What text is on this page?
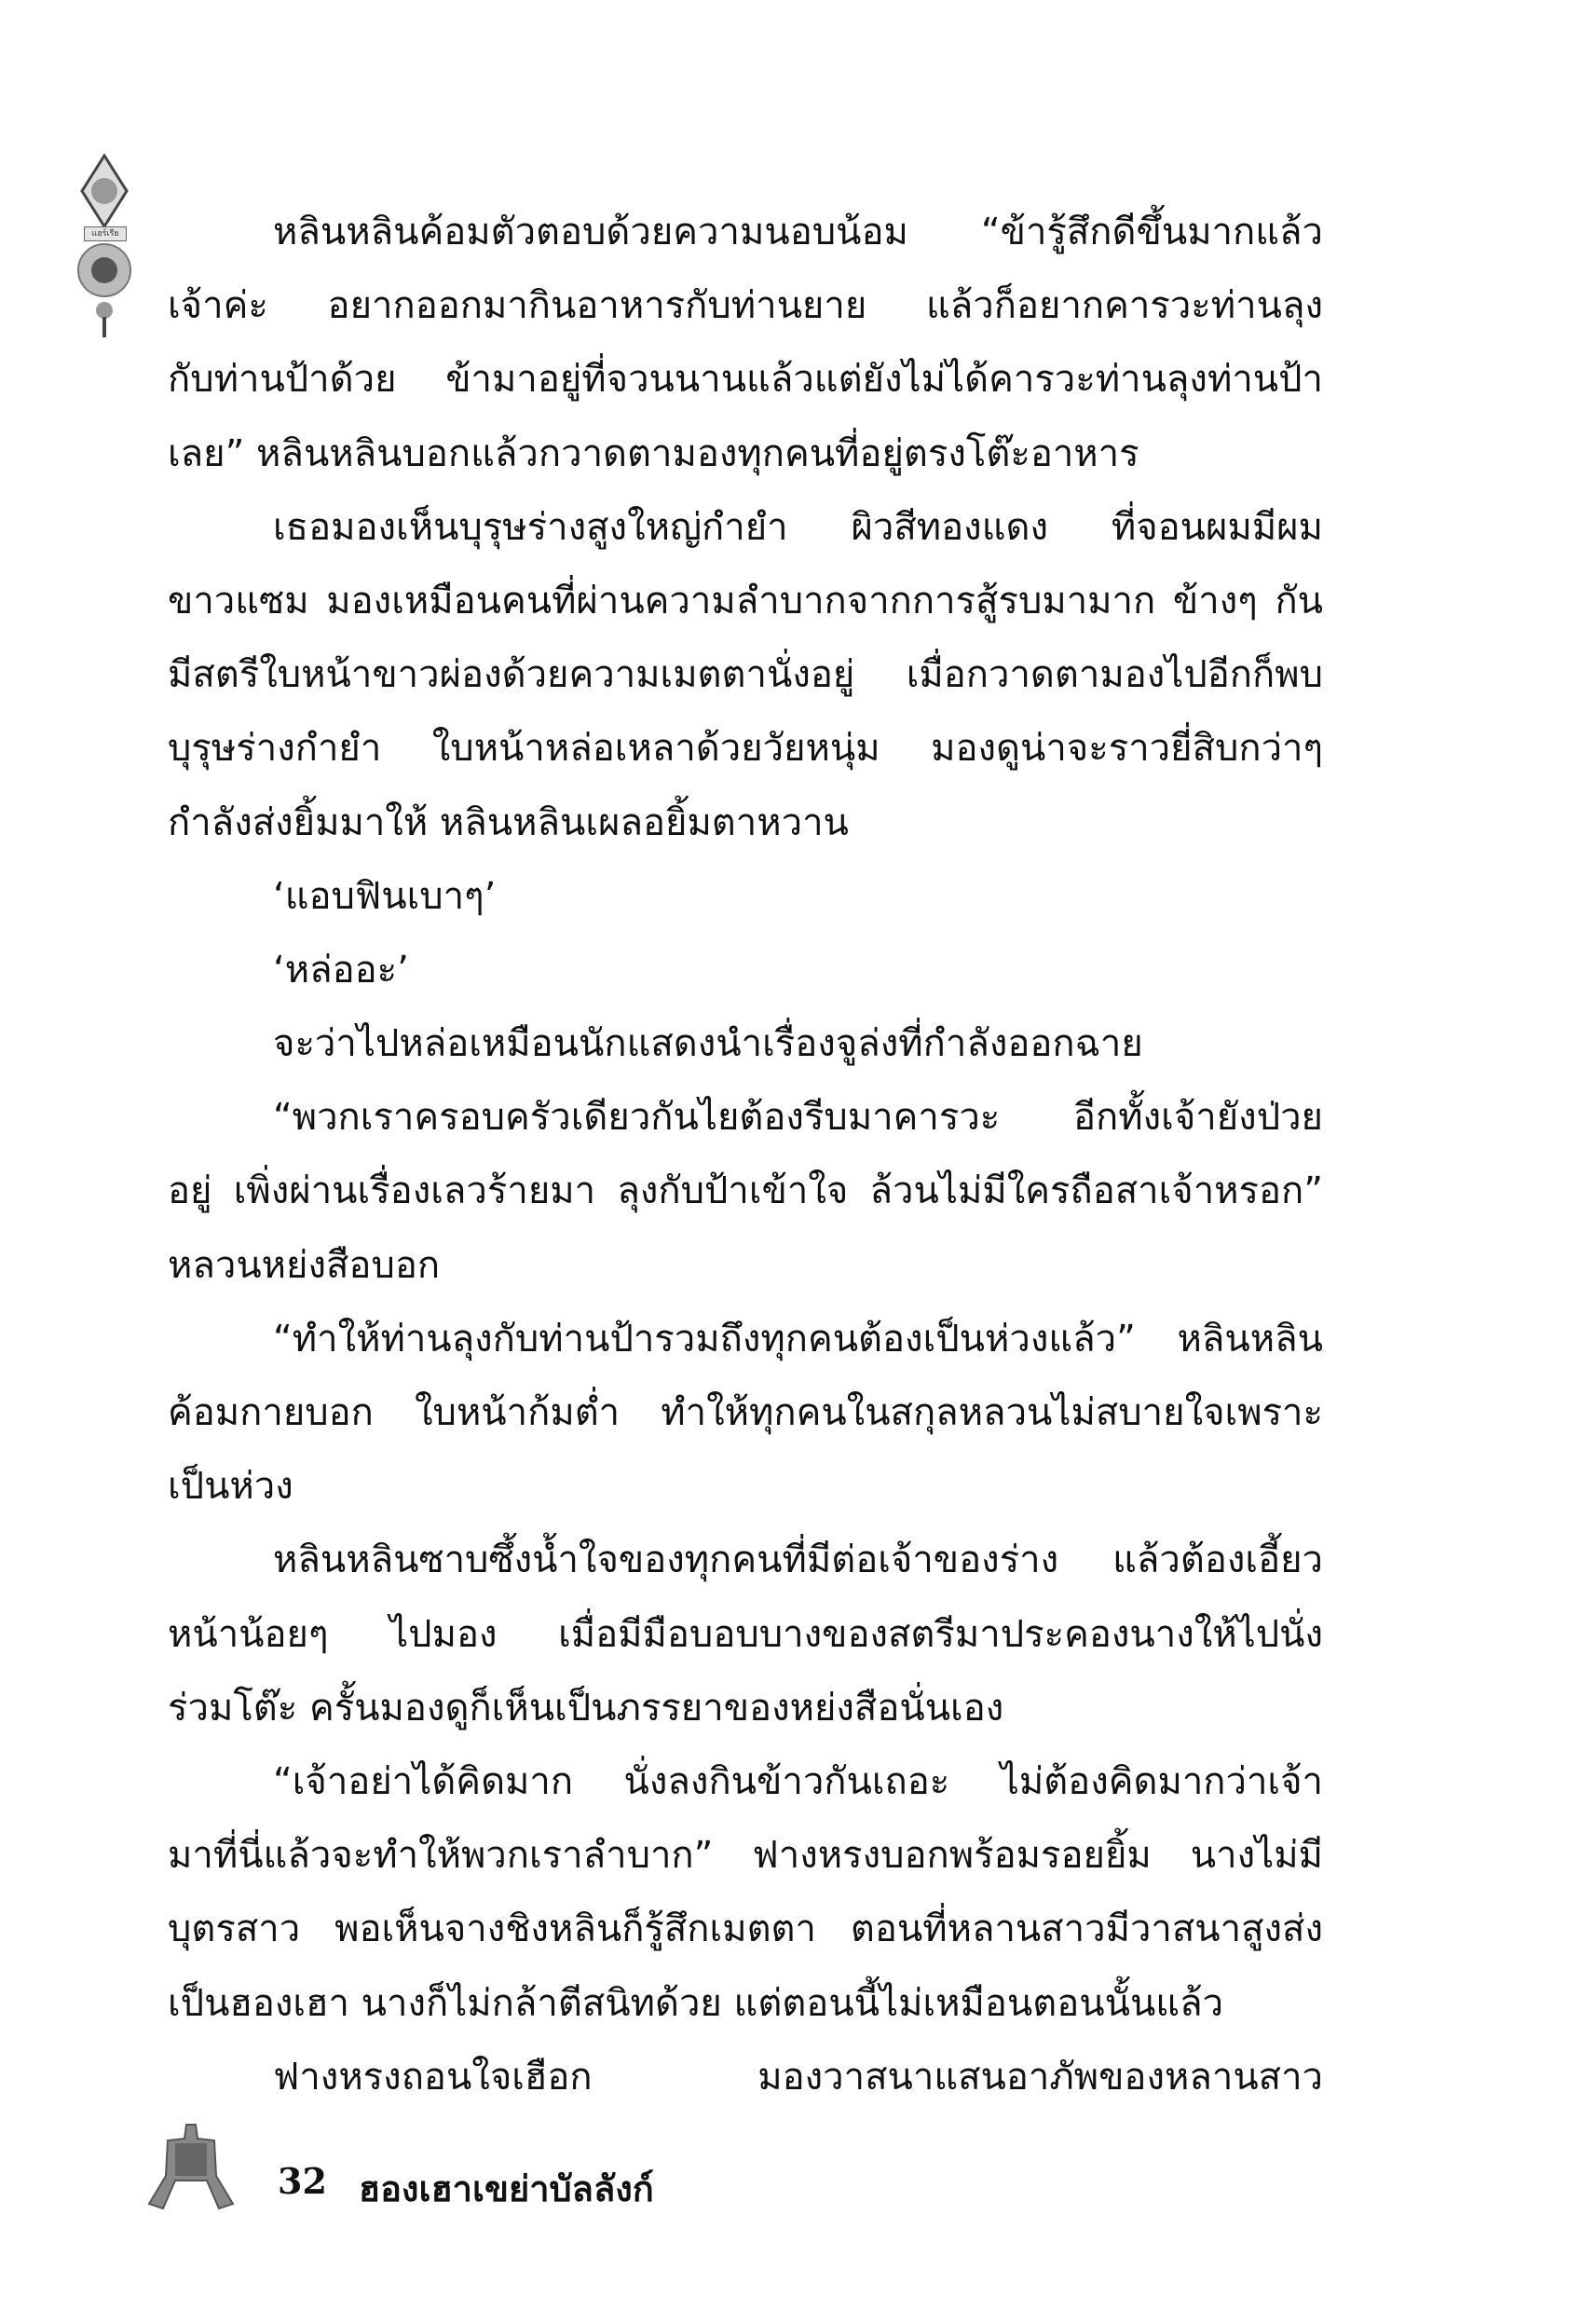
แฮร์เรีย	หลินหลินค้อมตัวตอบด้วยความนอบน้อม “ข้ารู้สึกดีขึ้นมากแล้ว
เจ้าค่ะ อยากออกมากินอาหารกับท่านยาย แล้วก็อยากคารวะท่านลุง
กับท่านป้าด้วย ข้ามาอยู่ที่จวนนานแล้วแต่ยังไม่ได้คารวะท่านลุงท่านป้า
เลย” หลินหลินบอกแล้วกวาดตามองทุกคนที่อยู่ตรงโต๊ะอาหาร
เธอมองเห็นบุรุษร่างสูงใหญ่กำยำ ผิวสีทองแดง ที่จอนผมมีผม
ขาวแซม มองเหมือนคนที่ผ่านความลำบากจากการสู้รบมามาก ข้างๆ กัน
มีสตรีใบหน้าขาวผ่องด้วยความเมตตานั่งอยู่ เมื่อกวาดตามองไปอีกก็พบ
บุรุษร่างกำยำ ใบหน้าหล่อเหลาด้วยวัยหนุ่ม มองดูน่าจะราวยี่สิบกว่าๆ
กำลังส่งยิ้มมาให้ หลินหลินเผลอยิ้มตาหวาน
‘แอบฟินเบาๆ’
‘หล่ออะ’
จะว่าไปหล่อเหมือนนักแสดงนำเรื่องจูล่งที่กำลังออกฉาย
“พวกเราครอบครัวเดียวกันไยต้องรีบมาคารวะ อีกทั้งเจ้ายังป่วย
อยู่ เพิ่งผ่านเรื่องเลวร้ายมา ลุงกับป้าเข้าใจ ล้วนไม่มีใครถือสาเจ้าหรอก”
หลวนหย่งสือบอก
“ทำให้ท่านลุงกับท่านป้ารวมถึงทุกคนต้องเป็นห่วงแล้ว” หลินหลิน
ค้อมกายบอก ใบหน้าก้มต่ำ ทำให้ทุกคนในสกุลหลวนไม่สบายใจเพราะ
เป็นห่วง
หลินหลินซาบซึ้งน้ำใจของทุกคนที่มีต่อเจ้าของร่าง แล้วต้องเอี้ยว
หน้าน้อยๆ ไปมอง เมื่อมีมือบอบบางของสตรีมาประคองนางให้ไปนั่ง
ร่วมโต๊ะ ครั้นมองดูก็เห็นเป็นภรรยาของหย่งสือนั่นเอง
“เจ้าอย่าได้คิดมาก นั่งลงกินข้าวกันเถอะ ไม่ต้องคิดมากว่าเจ้า
มาที่นี่แล้วจะทำให้พวกเราลำบาก” ฟางหรงบอกพร้อมรอยยิ้ม นางไม่มี
บุตรสาว พอเห็นจางชิงหลินก็รู้สึกเมตตา ตอนที่หลานสาวมีวาสนาสูงส่ง
เป็นฮองเฮา นางก็ไม่กล้าตีสนิทด้วย แต่ตอนนี้ไม่เหมือนตอนนั้นแล้ว
ฟางหรงถอนใจเฮือก มองวาสนาแสนอาภัพของหลานสาว
32 ฮองเฮาเขย่าบัลลังก์
